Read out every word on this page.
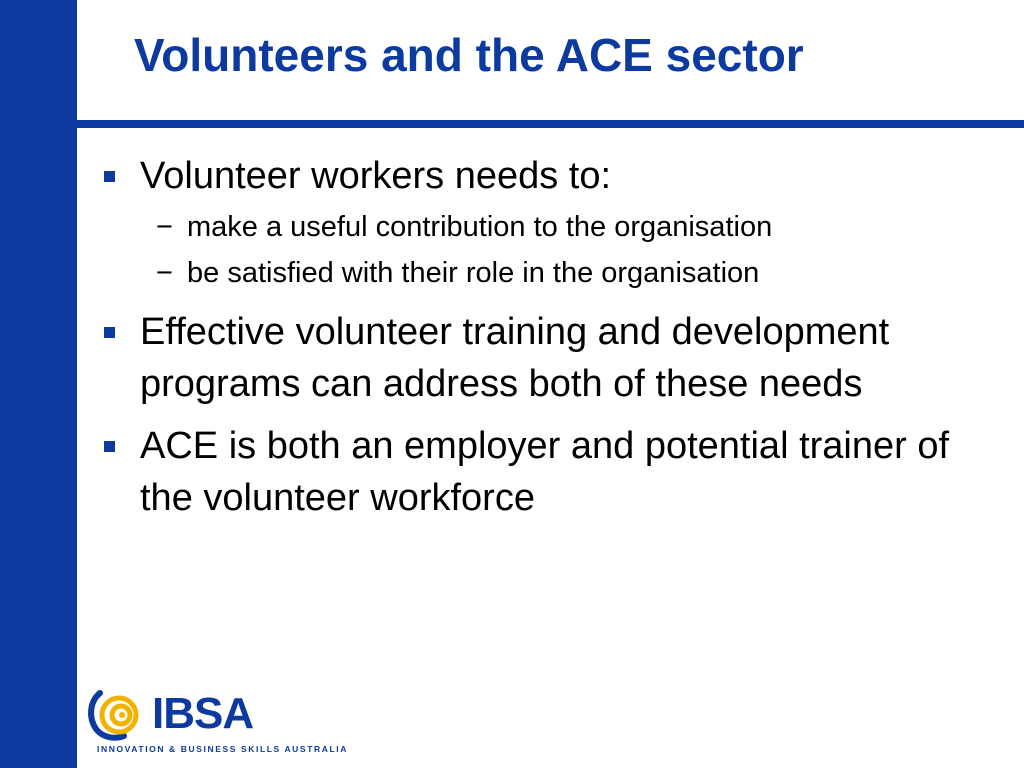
Volunteers and the ACE sector
Volunteer workers needs to:
− make a useful contribution to the organisation
− be satisfied with their role in the organisation
Effective volunteer training and development programs can address both of these needs
ACE is both an employer and potential trainer of the volunteer workforce
IBSA
INNOVATION & BUSINESS SKILLS AUSTRALIA
